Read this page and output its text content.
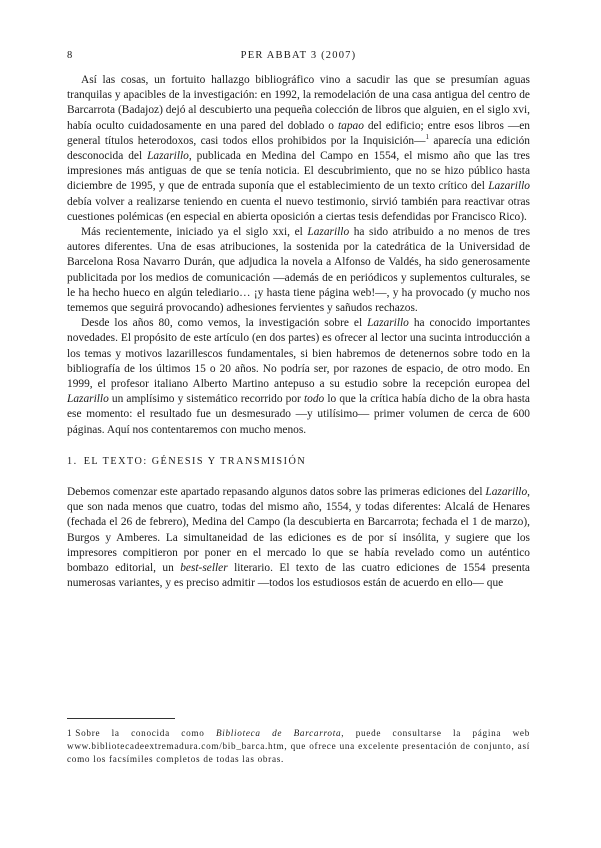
8	PER ABBAT 3 (2007)

Así las cosas, un fortuito hallazgo bibliográfico vino a sacudir las que se presumían aguas tranquilas y apacibles de la investigación: en 1992, la remodelación de una casa antigua del centro de Barcarrota (Badajoz) dejó al descubierto una pequeña colección de libros que alguien, en el siglo xvi, había oculto cuidadosamente en una pared del doblado o tapao del edificio; entre esos libros —en general títulos heterodoxos, casi todos ellos prohibidos por la Inquisición—$^1$ aparecía una edición desconocida del Lazarillo, publicada en Medina del Campo en 1554, el mismo año que las tres impresiones más antiguas de que se tenía noticia. El descubrimiento, que no se hizo público hasta diciembre de 1995, y que de entrada suponía que el establecimiento de un texto crítico del Lazarillo debía volver a realizarse teniendo en cuenta el nuevo testimonio, sirvió también para reactivar otras cuestiones polémicas (en especial en abierta oposición a ciertas tesis defendidas por Francisco Rico).

Más recientemente, iniciado ya el siglo xxi, el Lazarillo ha sido atribuido a no menos de tres autores diferentes. Una de esas atribuciones, la sostenida por la catedrática de la Universidad de Barcelona Rosa Navarro Durán, que adjudica la novela a Alfonso de Valdés, ha sido generosamente publicitada por los medios de comunicación —además de en periódicos y suplementos culturales, se le ha hecho hueco en algún telediario… ¡y hasta tiene página web!—, y ha provocado (y mucho nos tememos que seguirá provocando) adhesiones fervientes y sañudos rechazos.

Desde los años 80, como vemos, la investigación sobre el Lazarillo ha conocido importantes novedades. El propósito de este artículo (en dos partes) es ofrecer al lector una sucinta introducción a los temas y motivos lazarillescos fundamentales, si bien habremos de detenernos sobre todo en la bibliografía de los últimos 15 o 20 años. No podría ser, por razones de espacio, de otro modo. En 1999, el profesor italiano Alberto Martino antepuso a su estudio sobre la recepción europea del Lazarillo un amplísimo y sistemático recorrido por todo lo que la crítica había dicho de la obra hasta ese momento: el resultado fue un desmesurado —y utilísimo— primer volumen de cerca de 600 páginas. Aquí nos contentaremos con mucho menos.

1. EL TEXTO: GÉNESIS Y TRANSMISIÓN

Debemos comenzar este apartado repasando algunos datos sobre las primeras ediciones del Lazarillo, que son nada menos que cuatro, todas del mismo año, 1554, y todas diferentes: Alcalá de Henares (fechada el 26 de febrero), Medina del Campo (la descubierta en Barcarrota; fechada el 1 de marzo), Burgos y Amberes. La simultaneidad de las ediciones es de por sí insólita, y sugiere que los impresores compitieron por poner en el mercado lo que se había revelado como un auténtico bombazo editorial, un best-seller literario. El texto de las cuatro ediciones de 1554 presenta numerosas variantes, y es preciso admitir —todos los estudiosos están de acuerdo en ello— que

1 Sobre la conocida como Biblioteca de Barcarrota, puede consultarse la página web www.bibliotecadeextremadura.com/bib_barca.htm, que ofrece una excelente presentación de conjunto, así como los facsímiles completos de todas las obras.
